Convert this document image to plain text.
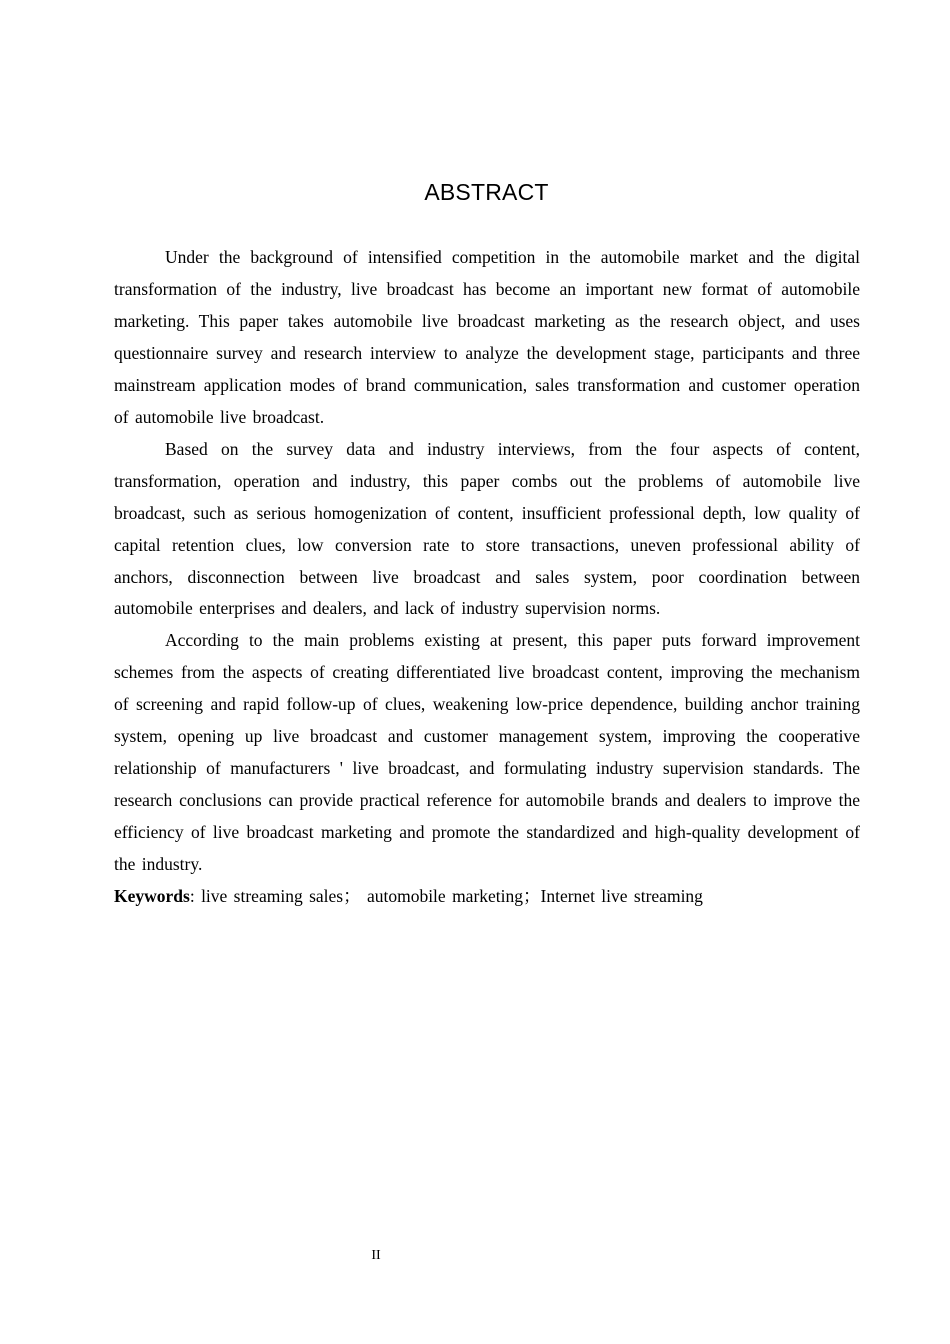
ABSTRACT

Under the background of intensified competition in the automobile market and the digital transformation of the industry, live broadcast has become an important new format of automobile marketing. This paper takes automobile live broadcast marketing as the research object, and uses questionnaire survey and research interview to analyze the development stage, participants and three mainstream application modes of brand communication, sales transformation and customer operation of automobile live broadcast.

Based on the survey data and industry interviews, from the four aspects of content, transformation, operation and industry, this paper combs out the problems of automobile live broadcast, such as serious homogenization of content, insufficient professional depth, low quality of capital retention clues, low conversion rate to store transactions, uneven professional ability of anchors, disconnection between live broadcast and sales system, poor coordination between automobile enterprises and dealers, and lack of industry supervision norms.

According to the main problems existing at present, this paper puts forward improvement schemes from the aspects of creating differentiated live broadcast content, improving the mechanism of screening and rapid follow-up of clues, weakening low-price dependence, building anchor training system, opening up live broadcast and customer management system, improving the cooperative relationship of manufacturers ' live broadcast, and formulating industry supervision standards. The research conclusions can provide practical reference for automobile brands and dealers to improve the efficiency of live broadcast marketing and promote the standardized and high-quality development of the industry.

Keywords: live streaming sales； automobile marketing；Internet live streaming
II
